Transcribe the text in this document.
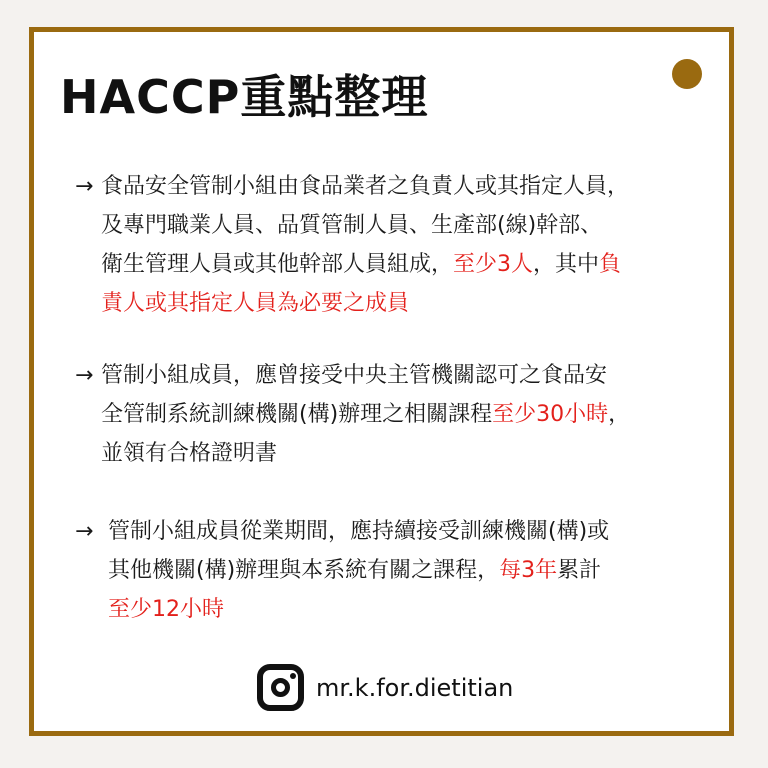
HACCP重點整理
→ 食品安全管制小組由食品業者之負責人或其指定人員，
及專門職業人員、品質管制人員、生產部(線)幹部、
衛生管理人員或其他幹部人員組成，至少3人，其中負
責人或其指定人員為必要之成員
→ 管制小組成員，應曾接受中央主管機關認可之食品安
全管制系統訓練機關(構)辦理之相關課程至少30小時，
並領有合格證明書
→ 管制小組成員從業期間，應持續接受訓練機關(構)或
其他機關(構)辦理與本系統有關之課程，每3年累計
至少12小時
mr.k.for.dietitian
